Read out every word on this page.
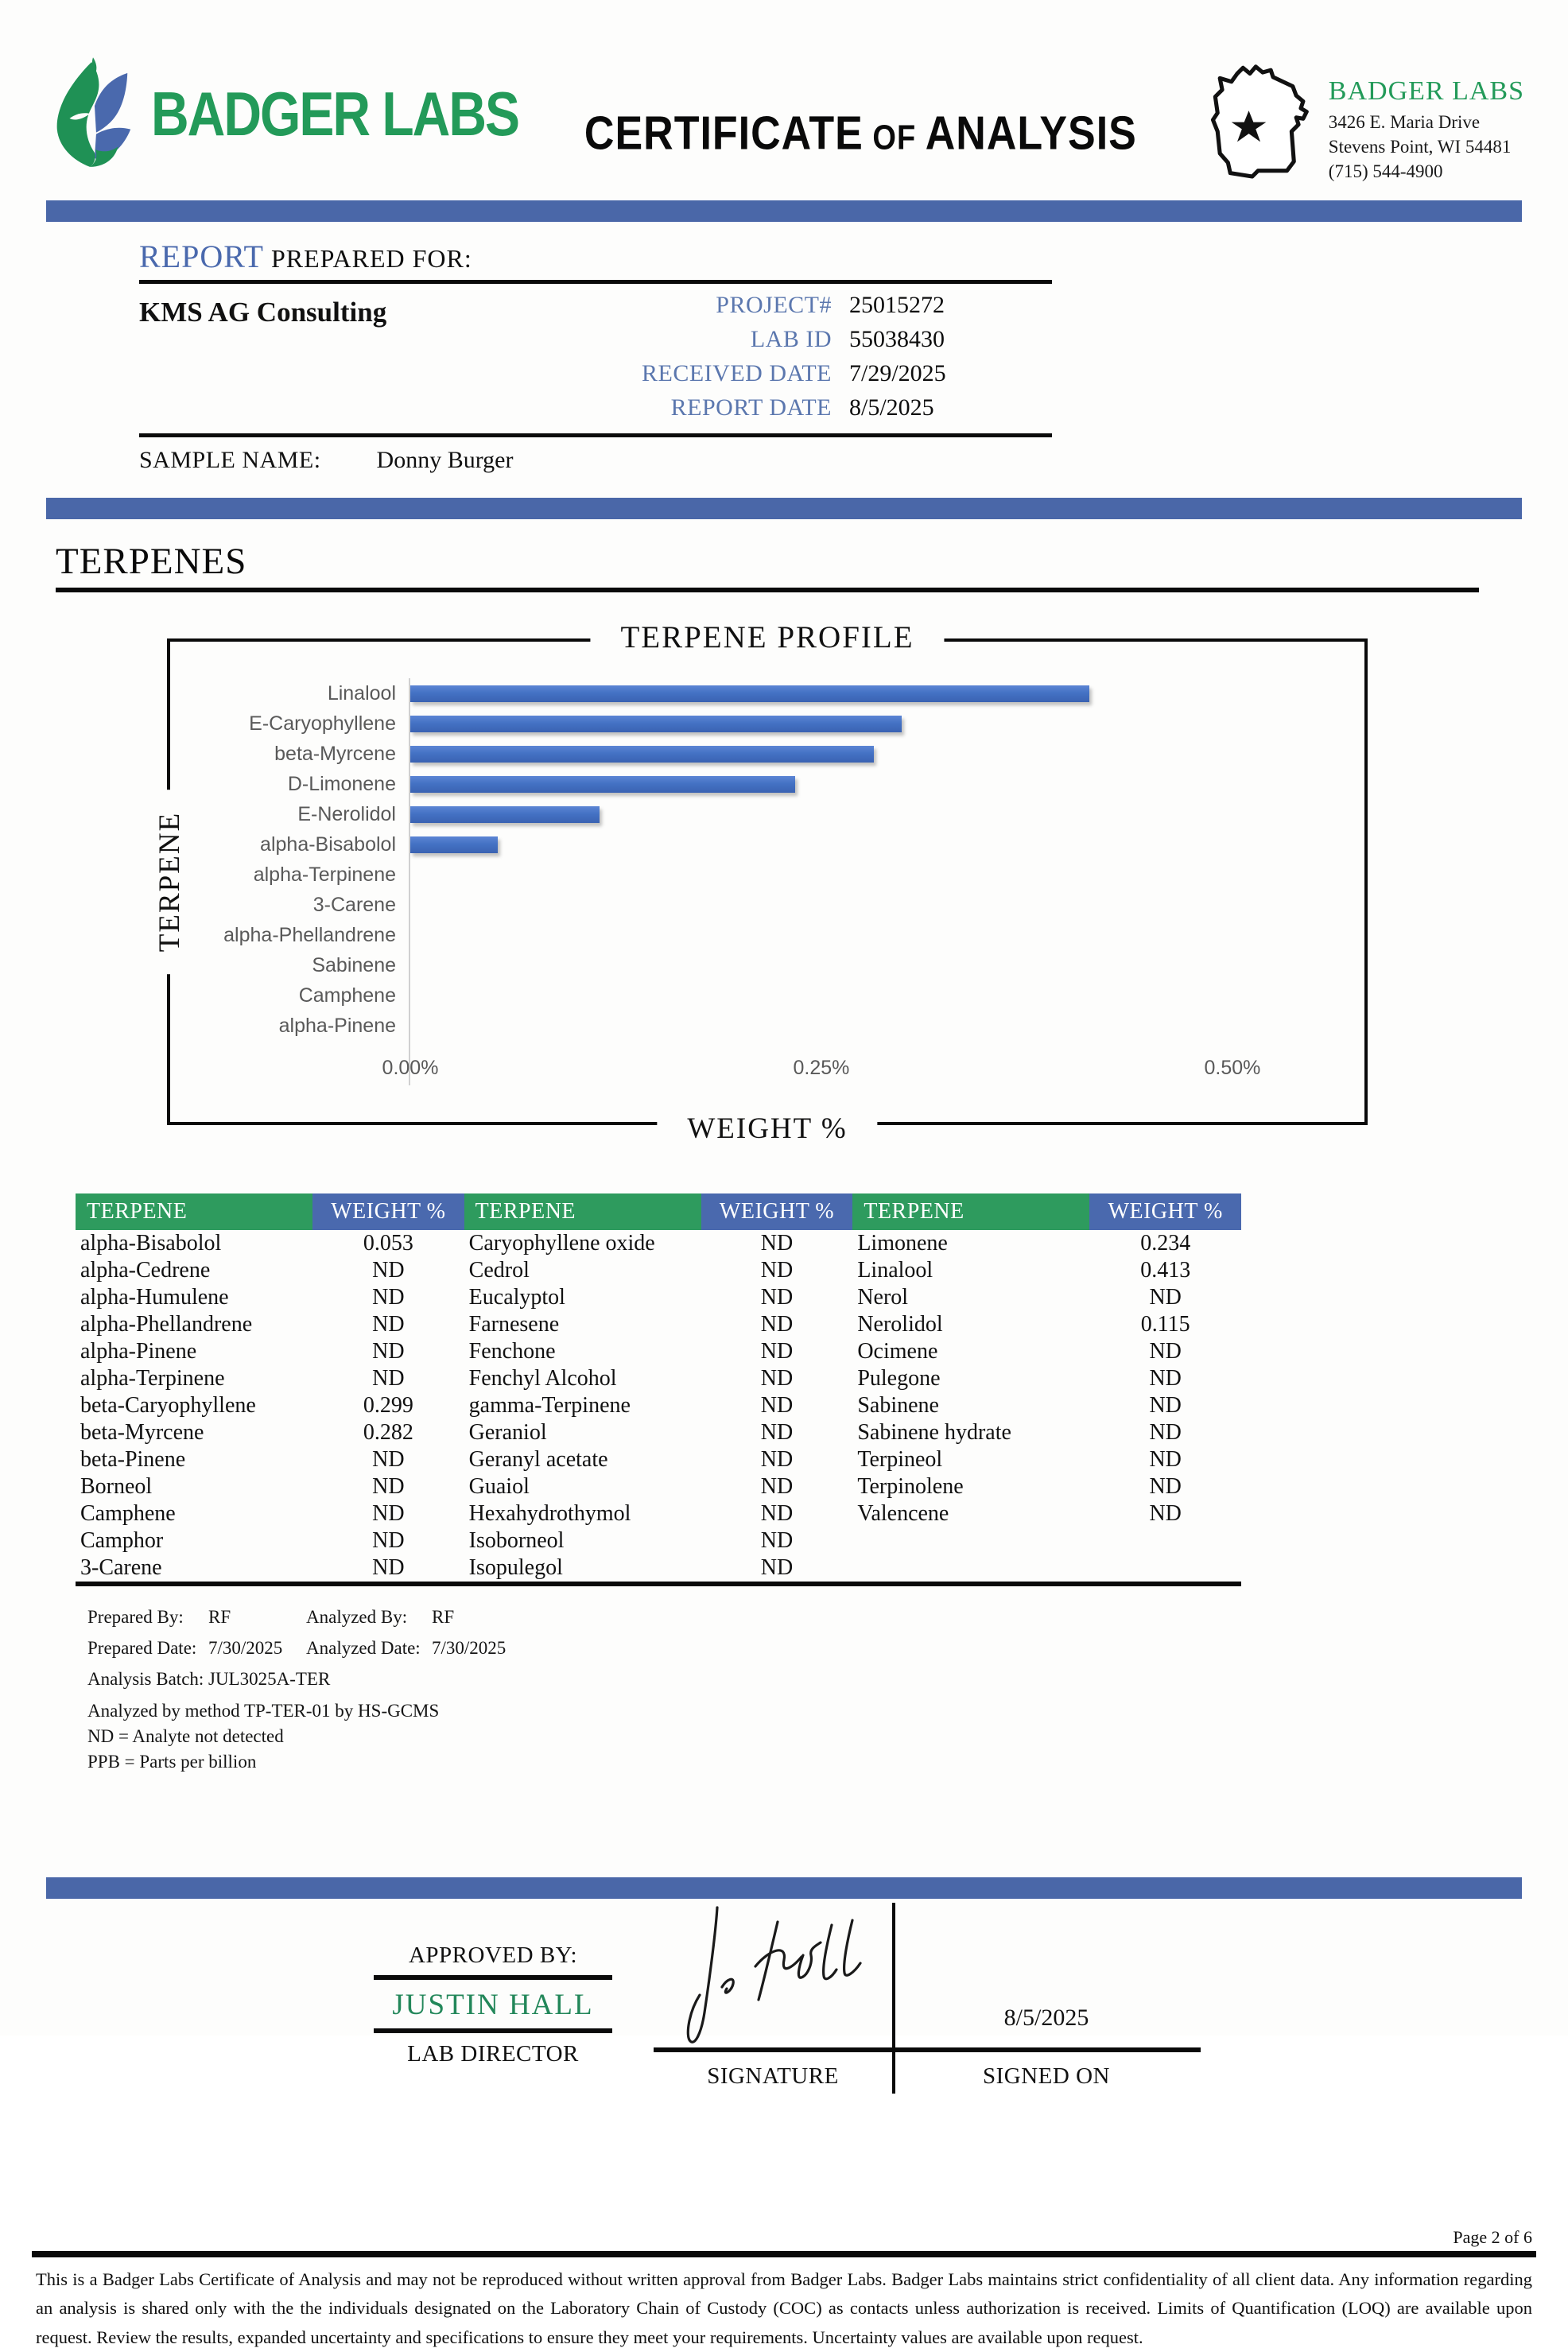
BADGER LABS	CERTIFICATE OF ANALYSIS
BADGER LABS
3426 E. Maria Drive
Stevens Point, WI 54481
(715) 544-4900
REPORT PREPARED FOR:
KMS AG Consulting	PROJECT# 25015272
LAB ID 55038430
RECEIVED DATE 7/29/2025
REPORT DATE 8/5/2025
SAMPLE NAME: Donny Burger
TERPENES
TERPENE PROFILE
TERPENE
WEIGHT %
Linalool
E-Caryophyllene
beta-Myrcene
D-Limonene
E-Nerolidol
alpha-Bisabolol
alpha-Terpinene
3-Carene
alpha-Phellandrene
Sabinene
Camphene
alpha-Pinene
0.00%	0.25%	0.50%
TERPENE	WEIGHT %
alpha-Bisabolol	0.053
alpha-Cedrene	ND
alpha-Humulene	ND
alpha-Phellandrene	ND
alpha-Pinene	ND
alpha-Terpinene	ND
beta-Caryophyllene	0.299
beta-Myrcene	0.282
beta-Pinene	ND
Borneol	ND
Camphene	ND
Camphor	ND
3-Carene	ND
TERPENE	WEIGHT %
Caryophyllene oxide	ND
Cedrol	ND
Eucalyptol	ND
Farnesene	ND
Fenchone	ND
Fenchyl Alcohol	ND
gamma-Terpinene	ND
Geraniol	ND
Geranyl acetate	ND
Guaiol	ND
Hexahydrothymol	ND
Isoborneol	ND
Isopulegol	ND
TERPENE	WEIGHT %
Limonene	0.234
Linalool	0.413
Nerol	ND
Nerolidol	0.115
Ocimene	ND
Pulegone	ND
Sabinene	ND
Sabinene hydrate	ND
Terpineol	ND
Terpinolene	ND
Valencene	ND
Prepared By:	RF	Analyzed By:	RF
Prepared Date: 7/30/2025	Analyzed Date: 7/30/2025
Analysis Batch: JUL3025A-TER
Analyzed by method TP-TER-01 by HS-GCMS
ND = Analyte not detected
PPB = Parts per billion
APPROVED BY:
JUSTIN HALL
LAB DIRECTOR
8/5/2025
SIGNATURE	SIGNED ON
Page 2 of 6
This is a Badger Labs Certificate of Analysis and may not be reproduced without written approval from Badger Labs. Badger Labs maintains strict confidentiality of all client data. Any information regarding an analysis is shared only with the the individuals designated on the Laboratory Chain of Custody (COC) as contacts unless authorization is received. Limits of Quantification (LOQ) are available upon request. Review the results, expanded uncertainty and specifications to ensure they meet your requirements. Uncertainty values are available upon request.
